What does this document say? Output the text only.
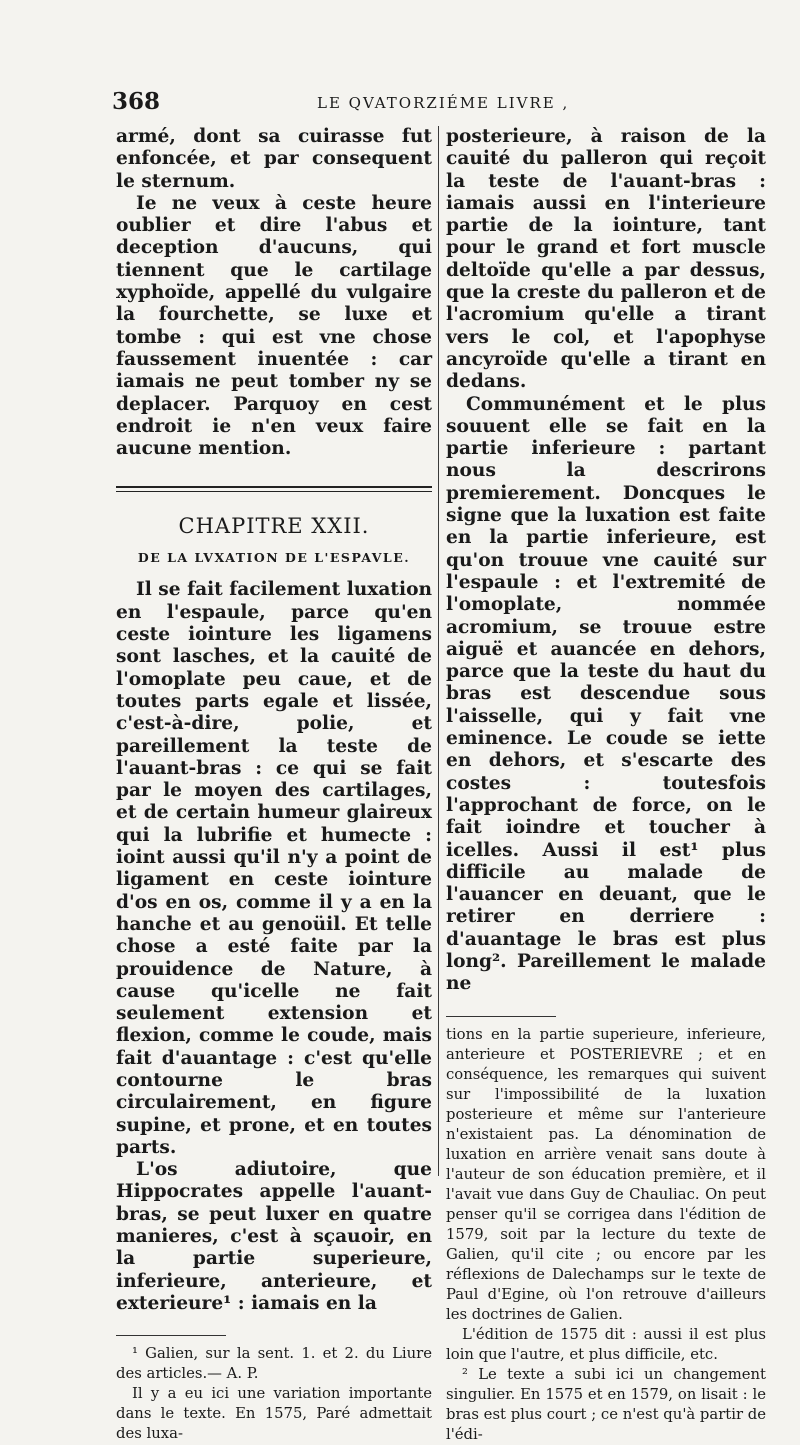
368	LE QVATORZIÉME LIVRE ,

armé, dont sa cuirasse fut enfoncée, et par consequent le sternum.

Ie ne veux à ceste heure oublier et dire l'abus et deception d'aucuns, qui tiennent que le cartilage xyphoïde, appellé du vulgaire la fourchette, se luxe et tombe : qui est vne chose faussement inuentée : car iamais ne peut tomber ny se deplacer. Parquoy en cest endroit ie n'en veux faire aucune mention.

CHAPITRE XXII.
DE LA LVXATION DE L'ESPAVLE.

Il se fait facilement luxation en l'espaule, parce qu'en ceste iointure les ligamens sont lasches, et la cauité de l'omoplate peu caue, et de toutes parts egale et lissée, c'est-à-dire, polie, et pareillement la teste de l'auant-bras : ce qui se fait par le moyen des cartilages, et de certain humeur glaireux qui la lubrifie et humecte : ioint aussi qu'il n'y a point de ligament en ceste iointure d'os en os, comme il y a en la hanche et au genoüil. Et telle chose a esté faite par la prouidence de Nature, à cause qu'icelle ne fait seulement extension et flexion, comme le coude, mais fait d'auantage : c'est qu'elle contourne le bras circulairement, en figure supine, et prone, et en toutes parts.

L'os adiutoire, que Hippocrates appelle l'auant-bras, se peut luxer en quatre manieres, c'est à sçauoir, en la partie superieure, inferieure, anterieure, et exterieure¹ : iamais en la

¹ Galien, sur la sent. 1. et 2. du Liure des articles.— A. P.

Il y a eu ici une variation importante dans le texte. En 1575, Paré admettait des luxa-

posterieure, à raison de la cauité du palleron qui reçoit la teste de l'auant-bras : iamais aussi en l'interieure partie de la iointure, tant pour le grand et fort muscle deltoïde qu'elle a par dessus, que la creste du palleron et de l'acromium qu'elle a tirant vers le col, et l'apophyse ancyroïde qu'elle a tirant en dedans.

Communément et le plus souuent elle se fait en la partie inferieure : partant nous la descrirons premierement. Doncques le signe que la luxation est faite en la partie inferieure, est qu'on trouue vne cauité sur l'espaule : et l'extremité de l'omoplate, nommée acromium, se trouue estre aiguë et auancée en dehors, parce que la teste du haut du bras est descendue sous l'aisselle, qui y fait vne eminence. Le coude se iette en dehors, et s'escarte des costes : toutesfois l'approchant de force, on le fait ioindre et toucher à icelles. Aussi il est¹ plus difficile au malade de l'auancer en deuant, que le retirer en derriere : d'auantage le bras est plus long². Pareillement le malade ne

tions en la partie superieure, inferieure, anterieure et POSTERIEVRE ; et en conséquence, les remarques qui suivent sur l'impossibilité de la luxation posterieure et même sur l'anterieure n'existaient pas. La dénomination de luxation en arrière venait sans doute à l'auteur de son éducation première, et il l'avait vue dans Guy de Chauliac. On peut penser qu'il se corrigea dans l'édition de 1579, soit par la lecture du texte de Galien, qu'il cite ; ou encore par les réflexions de Dalechamps sur le texte de Paul d'Egine, où l'on retrouve d'ailleurs les doctrines de Galien.

L'édition de 1575 dit : aussi il est plus loin que l'autre, et plus difficile, etc.

² Le texte a subi ici un changement singulier. En 1575 et en 1579, on lisait : le bras est plus court ; ce n'est qu'à partir de l'édi-
